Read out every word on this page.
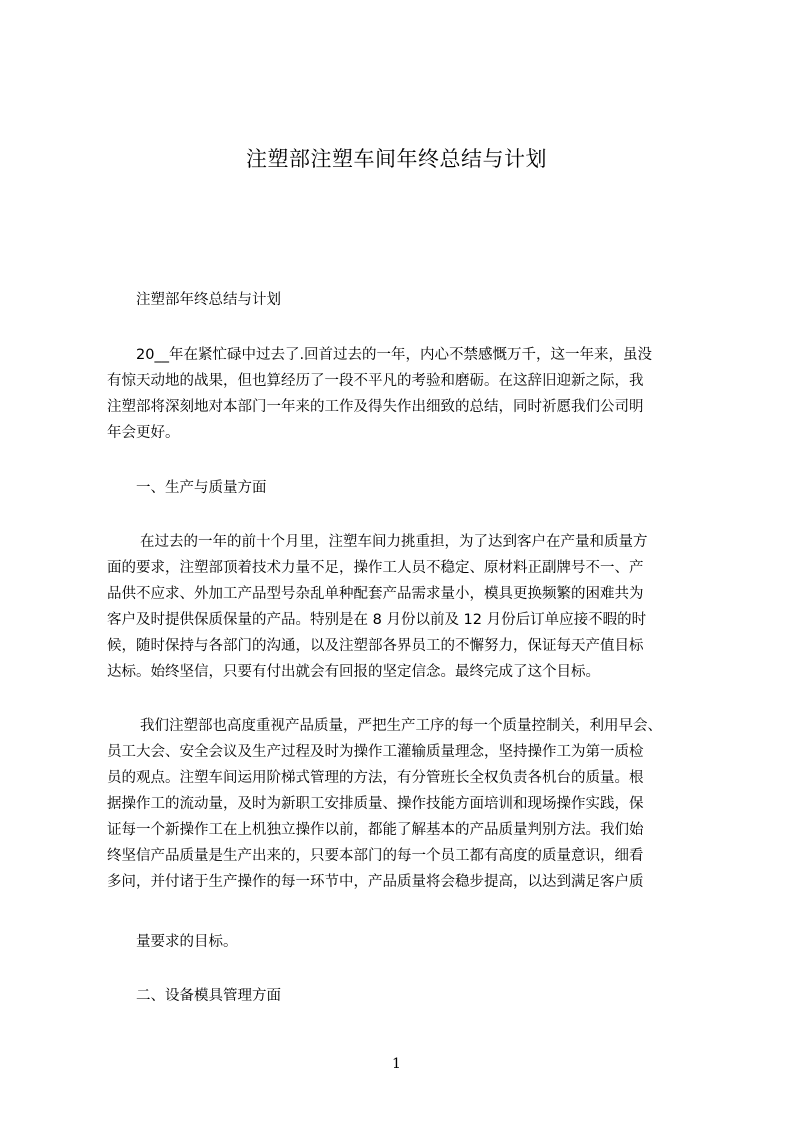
注塑部注塑车间年终总结与计划
注塑部年终总结与计划
20__年在紧忙碌中过去了.回首过去的一年，内心不禁感慨万千，这一年来，虽没
有惊天动地的战果，但也算经历了一段不平凡的考验和磨砺。在这辞旧迎新之际，我
注塑部将深刻地对本部门一年来的工作及得失作出细致的总结，同时祈愿我们公司明
年会更好。
一、生产与质量方面
在过去的一年的前十个月里，注塑车间力挑重担，为了达到客户在产量和质量方
面的要求，注塑部顶着技术力量不足，操作工人员不稳定、原材料正副牌号不一、产
品供不应求、外加工产品型号杂乱单种配套产品需求量小，模具更换频繁的困难共为
客户及时提供保质保量的产品。特别是在 8 月份以前及 12 月份后订单应接不暇的时
候，随时保持与各部门的沟通，以及注塑部各界员工的不懈努力，保证每天产值目标
达标。始终坚信，只要有付出就会有回报的坚定信念。最终完成了这个目标。
我们注塑部也高度重视产品质量，严把生产工序的每一个质量控制关，利用早会、
员工大会、安全会议及生产过程及时为操作工灌输质量理念，坚持操作工为第一质检
员的观点。注塑车间运用阶梯式管理的方法，有分管班长全权负责各机台的质量。根
据操作工的流动量，及时为新职工安排质量、操作技能方面培训和现场操作实践，保
证每一个新操作工在上机独立操作以前，都能了解基本的产品质量判别方法。我们始
终坚信产品质量是生产出来的，只要本部门的每一个员工都有高度的质量意识，细看
多问，并付诸于生产操作的每一环节中，产品质量将会稳步提高，以达到满足客户质
量要求的目标。
二、设备模具管理方面
1
